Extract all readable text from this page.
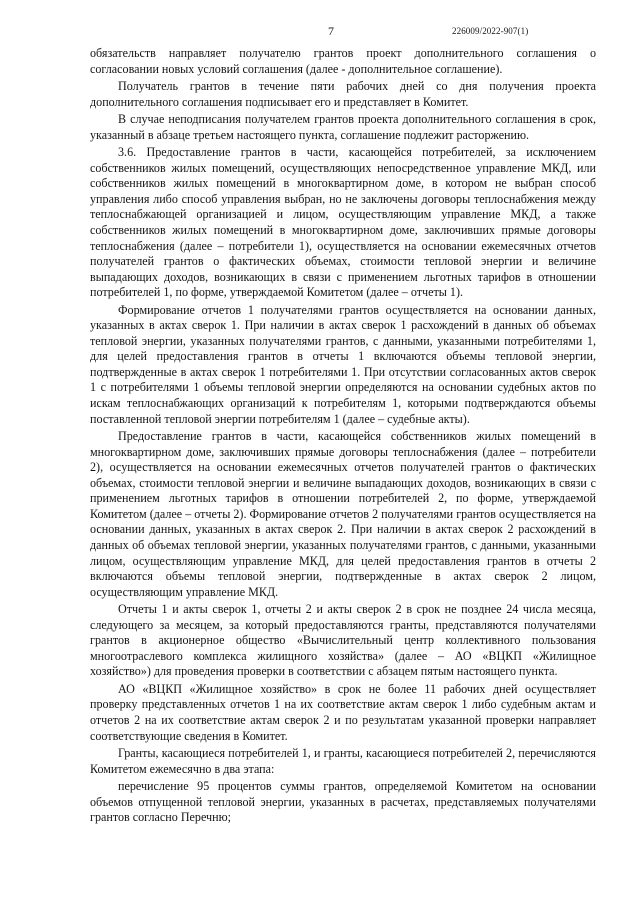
7	226009/2022-907(1)

обязательств направляет получателю грантов проект дополнительного соглашения о согласовании новых условий соглашения (далее - дополнительное соглашение).

Получатель грантов в течение пяти рабочих дней со дня получения проекта дополнительного соглашения подписывает его и представляет в Комитет.

В случае неподписания получателем грантов проекта дополнительного соглашения в срок, указанный в абзаце третьем настоящего пункта, соглашение подлежит расторжению.

3.6. Предоставление грантов в части, касающейся потребителей, за исключением собственников жилых помещений, осуществляющих непосредственное управление МКД, или собственников жилых помещений в многоквартирном доме, в котором не выбран способ управления либо способ управления выбран, но не заключены договоры теплоснабжения между теплоснабжающей организацией и лицом, осуществляющим управление МКД, а также собственников жилых помещений в многоквартирном доме, заключивших прямые договоры теплоснабжения (далее – потребители 1), осуществляется на основании ежемесячных отчетов получателей грантов о фактических объемах, стоимости тепловой энергии и величине выпадающих доходов, возникающих в связи с применением льготных тарифов в отношении потребителей 1, по форме, утверждаемой Комитетом (далее – отчеты 1).

Формирование отчетов 1 получателями грантов осуществляется на основании данных, указанных в актах сверок 1. При наличии в актах сверок 1 расхождений в данных об объемах тепловой энергии, указанных получателями грантов, с данными, указанными потребителями 1, для целей предоставления грантов в отчеты 1 включаются объемы тепловой энергии, подтвержденные в актах сверок 1 потребителями 1. При отсутствии согласованных актов сверок 1 с потребителями 1 объемы тепловой энергии определяются на основании судебных актов по искам теплоснабжающих организаций к потребителям 1, которыми подтверждаются объемы поставленной тепловой энергии потребителям 1 (далее – судебные акты).

Предоставление грантов в части, касающейся собственников жилых помещений в многоквартирном доме, заключивших прямые договоры теплоснабжения (далее – потребители 2), осуществляется на основании ежемесячных отчетов получателей грантов о фактических объемах, стоимости тепловой энергии и величине выпадающих доходов, возникающих в связи с применением льготных тарифов в отношении потребителей 2, по форме, утверждаемой Комитетом (далее – отчеты 2). Формирование отчетов 2 получателями грантов осуществляется на основании данных, указанных в актах сверок 2. При наличии в актах сверок 2 расхождений в данных об объемах тепловой энергии, указанных получателями грантов, с данными, указанными лицом, осуществляющим управление МКД, для целей предоставления грантов в отчеты 2 включаются объемы тепловой энергии, подтвержденные в актах сверок 2 лицом, осуществляющим управление МКД.

Отчеты 1 и акты сверок 1, отчеты 2 и акты сверок 2 в срок не позднее 24 числа месяца, следующего за месяцем, за который предоставляются гранты, представляются получателями грантов в акционерное общество «Вычислительный центр коллективного пользования многоотраслевого комплекса жилищного хозяйства» (далее – АО «ВЦКП «Жилищное хозяйство») для проведения проверки в соответствии с абзацем пятым настоящего пункта.

АО «ВЦКП «Жилищное хозяйство» в срок не более 11 рабочих дней осуществляет проверку представленных отчетов 1 на их соответствие актам сверок 1 либо судебным актам и отчетов 2 на их соответствие актам сверок 2 и по результатам указанной проверки направляет соответствующие сведения в Комитет.

Гранты, касающиеся потребителей 1, и гранты, касающиеся потребителей 2, перечисляются Комитетом ежемесячно в два этапа:

перечисление 95 процентов суммы грантов, определяемой Комитетом на основании объемов отпущенной тепловой энергии, указанных в расчетах, представляемых получателями грантов согласно Перечню;
